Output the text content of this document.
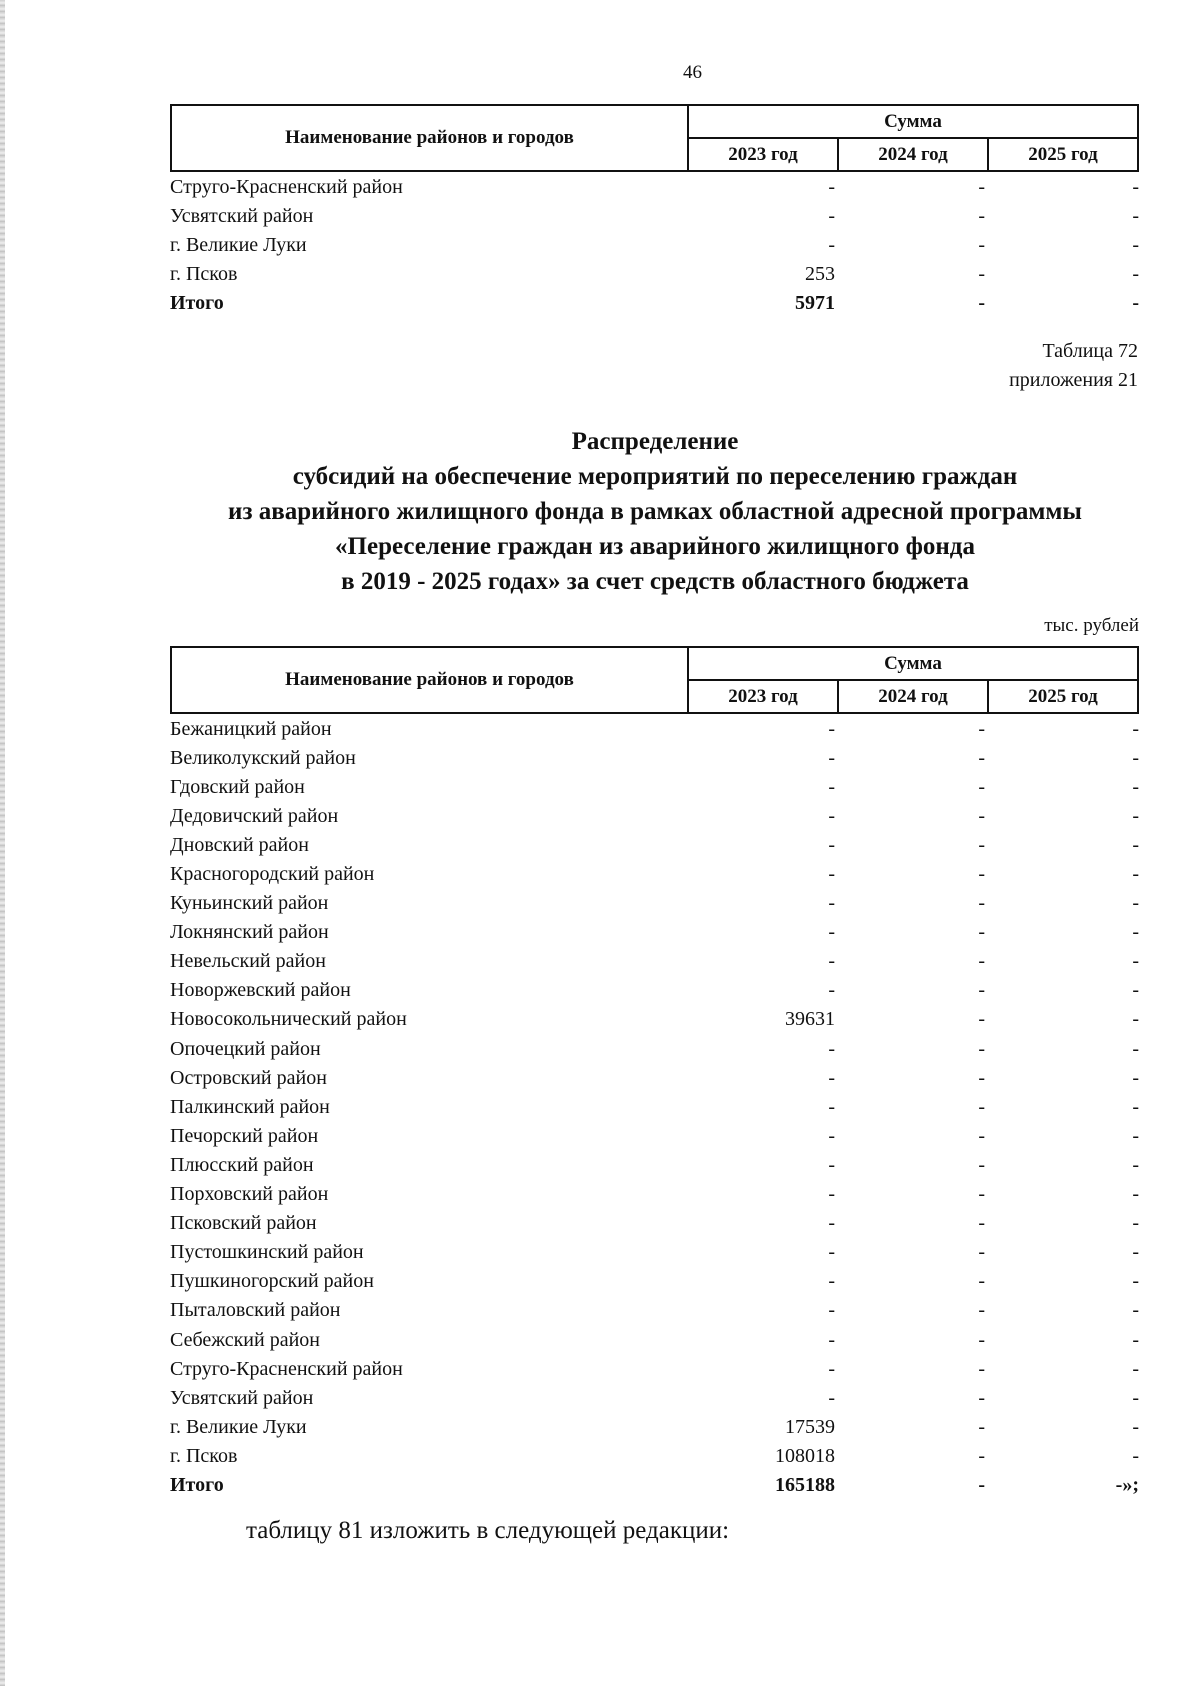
46
Наименование районов и городов	Сумма		
	2023 год	2024 год	2025 год
Струго-Красненский район	-	-	-
Усвятский район	-	-	-
г. Великие Луки	-	-	-
г. Псков	253	-	-
Итого	5971	-	-
Таблица 72
приложения 21
Распределение
субсидий на обеспечение мероприятий по переселению граждан
из аварийного жилищного фонда в рамках областной адресной программы
«Переселение граждан из аварийного жилищного фонда
в 2019 - 2025 годах» за счет средств областного бюджета
тыс. рублей
Наименование районов и городов	Сумма		
	2023 год	2024 год	2025 год
Бежаницкий район	-	-	-
Великолукский район	-	-	-
Гдовский район	-	-	-
Дедовичский район	-	-	-
Дновский район	-	-	-
Красногородский район	-	-	-
Куньинский район	-	-	-
Локнянский район	-	-	-
Невельский район	-	-	-
Новоржевский район	-	-	-
Новосокольнический район	39631	-	-
Опочецкий район	-	-	-
Островский район	-	-	-
Палкинский район	-	-	-
Печорский район	-	-	-
Плюсский район	-	-	-
Порховский район	-	-	-
Псковский район	-	-	-
Пустошкинский район	-	-	-
Пушкиногорский район	-	-	-
Пыталовский район	-	-	-
Себежский район	-	-	-
Струго-Красненский район	-	-	-
Усвятский район	-	-	-
г. Великие Луки	17539	-	-
г. Псков	108018	-	-
Итого	165188	-	-»;
таблицу 81 изложить в следующей редакции:
